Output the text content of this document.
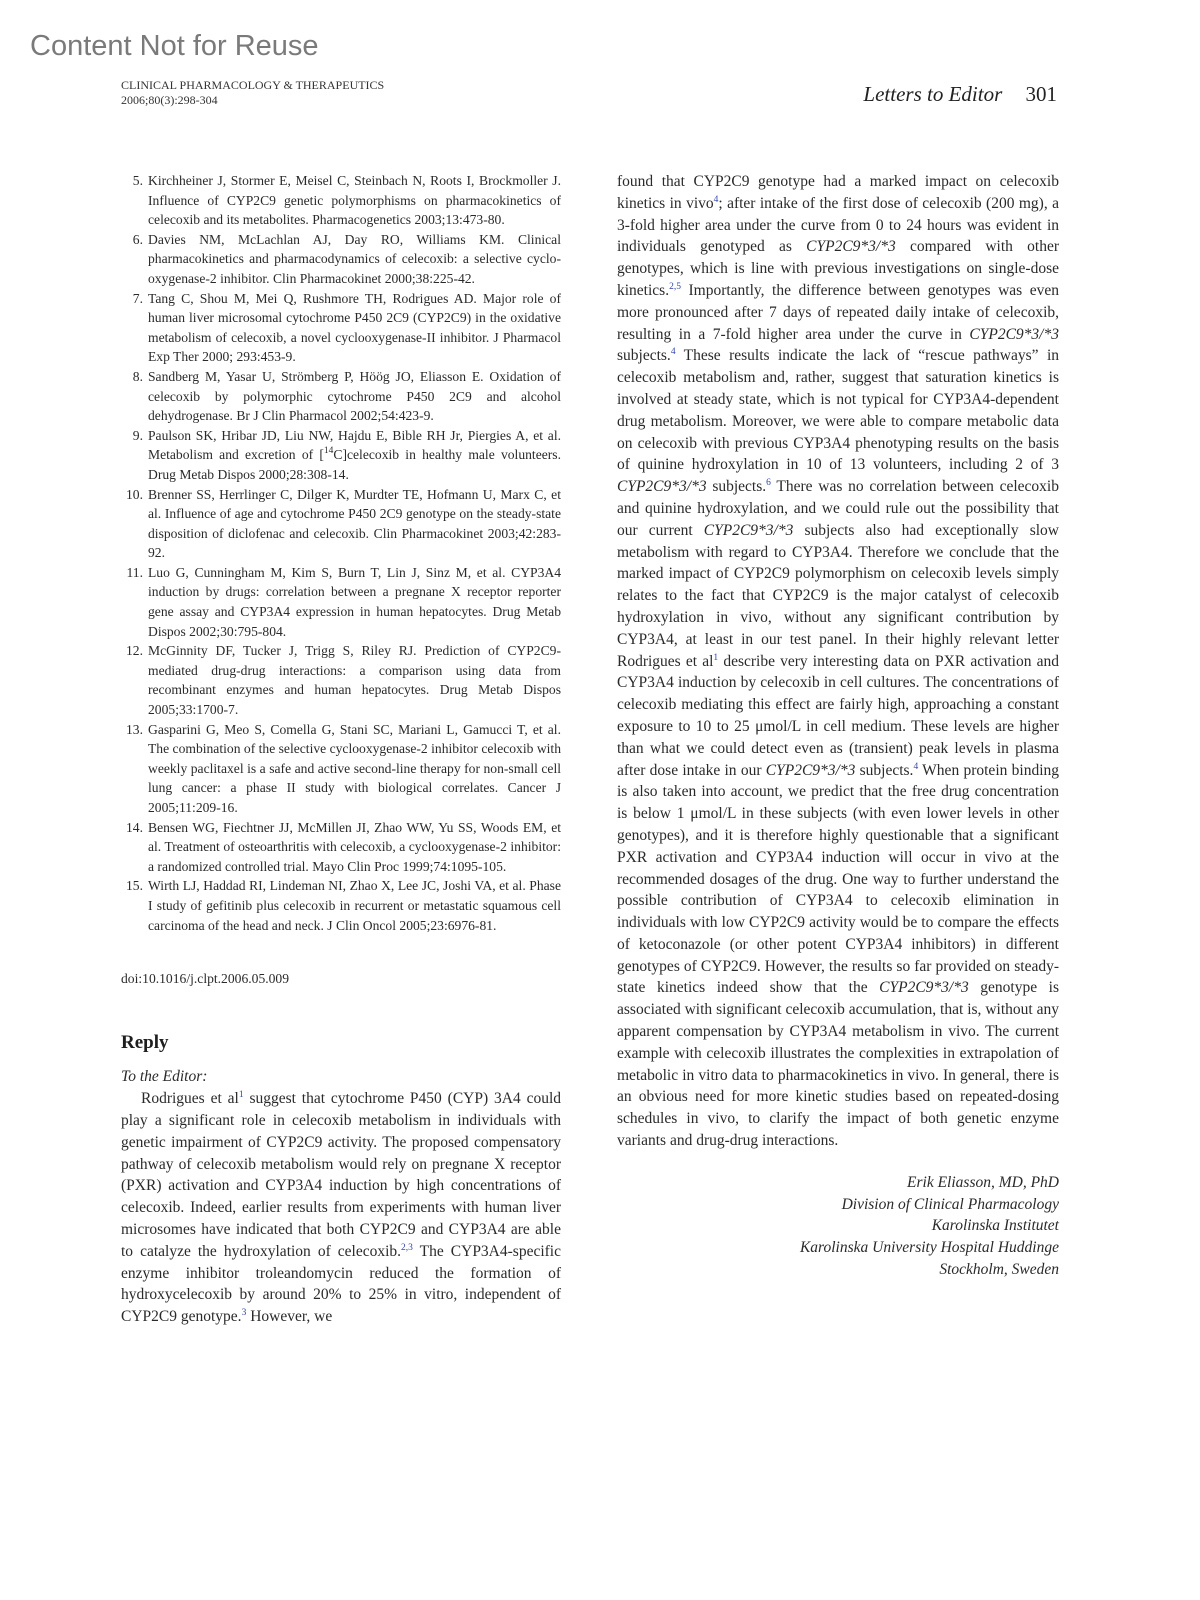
Content Not for Reuse
CLINICAL PHARMACOLOGY & THERAPEUTICS
2006;80(3):298-304	Letters to Editor 301
5. Kirchheiner J, Stormer E, Meisel C, Steinbach N, Roots I, Brockmoller J. Influence of CYP2C9 genetic polymorphisms on pharmacokinetics of celecoxib and its metabolites. Pharmacogenetics 2003;13:473-80.
6. Davies NM, McLachlan AJ, Day RO, Williams KM. Clinical pharmacokinetics and pharmacodynamics of celecoxib: a selective cyclo-oxygenase-2 inhibitor. Clin Pharmacokinet 2000;38:225-42.
7. Tang C, Shou M, Mei Q, Rushmore TH, Rodrigues AD. Major role of human liver microsomal cytochrome P450 2C9 (CYP2C9) in the oxidative metabolism of celecoxib, a novel cyclooxygenase-II inhibitor. J Pharmacol Exp Ther 2000; 293:453-9.
8. Sandberg M, Yasar U, Strömberg P, Höög JO, Eliasson E. Oxidation of celecoxib by polymorphic cytochrome P450 2C9 and alcohol dehydrogenase. Br J Clin Pharmacol 2002;54:423-9.
9. Paulson SK, Hribar JD, Liu NW, Hajdu E, Bible RH Jr, Piergies A, et al. Metabolism and excretion of [$^{14}$C]celecoxib in healthy male volunteers. Drug Metab Dispos 2000;28:308-14.
10. Brenner SS, Herrlinger C, Dilger K, Murdter TE, Hofmann U, Marx C, et al. Influence of age and cytochrome P450 2C9 genotype on the steady-state disposition of diclofenac and celecoxib. Clin Pharmacokinet 2003;42:283-92.
11. Luo G, Cunningham M, Kim S, Burn T, Lin J, Sinz M, et al. CYP3A4 induction by drugs: correlation between a pregnane X receptor reporter gene assay and CYP3A4 expression in human hepatocytes. Drug Metab Dispos 2002;30:795-804.
12. McGinnity DF, Tucker J, Trigg S, Riley RJ. Prediction of CYP2C9-mediated drug-drug interactions: a comparison using data from recombinant enzymes and human hepatocytes. Drug Metab Dispos 2005;33:1700-7.
13. Gasparini G, Meo S, Comella G, Stani SC, Mariani L, Gamucci T, et al. The combination of the selective cyclooxygenase-2 inhibitor celecoxib with weekly paclitaxel is a safe and active second-line therapy for non-small cell lung cancer: a phase II study with biological correlates. Cancer J 2005;11:209-16.
14. Bensen WG, Fiechtner JJ, McMillen JI, Zhao WW, Yu SS, Woods EM, et al. Treatment of osteoarthritis with celecoxib, a cyclooxygenase-2 inhibitor: a randomized controlled trial. Mayo Clin Proc 1999;74:1095-105.
15. Wirth LJ, Haddad RI, Lindeman NI, Zhao X, Lee JC, Joshi VA, et al. Phase I study of gefitinib plus celecoxib in recurrent or metastatic squamous cell carcinoma of the head and neck. J Clin Oncol 2005;23:6976-81.
doi:10.1016/j.clpt.2006.05.009
Reply
To the Editor:

Rodrigues et al$^1$ suggest that cytochrome P450 (CYP) 3A4 could play a significant role in celecoxib metabolism in individuals with genetic impairment of CYP2C9 activity. The proposed compensatory pathway of celecoxib metabolism would rely on pregnane X receptor (PXR) activation and CYP3A4 induction by high concentrations of celecoxib. Indeed, earlier results from experiments with human liver microsomes have indicated that both CYP2C9 and CYP3A4 are able to catalyze the hydroxylation of celecoxib.$^{2,3}$ The CYP3A4-specific enzyme inhibitor troleandomycin reduced the formation of hydroxycelecoxib by around 20% to 25% in vitro, independent of CYP2C9 genotype.$^3$ However, we

found that CYP2C9 genotype had a marked impact on celecoxib kinetics in vivo$^4$; after intake of the first dose of celecoxib (200 mg), a 3-fold higher area under the curve from 0 to 24 hours was evident in individuals genotyped as CYP2C9*3/*3 compared with other genotypes, which is line with previous investigations on single-dose kinetics.$^{2,5}$ Importantly, the difference between genotypes was even more pronounced after 7 days of repeated daily intake of celecoxib, resulting in a 7-fold higher area under the curve in CYP2C9*3/*3 subjects.$^4$ These results indicate the lack of “rescue pathways” in celecoxib metabolism and, rather, suggest that saturation kinetics is involved at steady state, which is not typical for CYP3A4-dependent drug metabolism. Moreover, we were able to compare metabolic data on celecoxib with previous CYP3A4 phenotyping results on the basis of quinine hydroxylation in 10 of 13 volunteers, including 2 of 3 CYP2C9*3/*3 subjects.$^6$ There was no correlation between celecoxib and quinine hydroxylation, and we could rule out the possibility that our current CYP2C9*3/*3 subjects also had exceptionally slow metabolism with regard to CYP3A4. Therefore we conclude that the marked impact of CYP2C9 polymorphism on celecoxib levels simply relates to the fact that CYP2C9 is the major catalyst of celecoxib hydroxylation in vivo, without any significant contribution by CYP3A4, at least in our test panel. In their highly relevant letter Rodrigues et al$^1$ describe very interesting data on PXR activation and CYP3A4 induction by celecoxib in cell cultures. The concentrations of celecoxib mediating this effect are fairly high, approaching a constant exposure to 10 to 25 μmol/L in cell medium. These levels are higher than what we could detect even as (transient) peak levels in plasma after dose intake in our CYP2C9*3/*3 subjects.$^4$ When protein binding is also taken into account, we predict that the free drug concentration is below 1 μmol/L in these subjects (with even lower levels in other genotypes), and it is therefore highly questionable that a significant PXR activation and CYP3A4 induction will occur in vivo at the recommended dosages of the drug. One way to further understand the possible contribution of CYP3A4 to celecoxib elimination in individuals with low CYP2C9 activity would be to compare the effects of ketoconazole (or other potent CYP3A4 inhibitors) in different genotypes of CYP2C9. However, the results so far provided on steady-state kinetics indeed show that the CYP2C9*3/*3 genotype is associated with significant celecoxib accumulation, that is, without any apparent compensation by CYP3A4 metabolism in vivo. The current example with celecoxib illustrates the complexities in extrapolation of metabolic in vitro data to pharmacokinetics in vivo. In general, there is an obvious need for more kinetic studies based on repeated-dosing schedules in vivo, to clarify the impact of both genetic enzyme variants and drug-drug interactions.

Erik Eliasson, MD, PhD
Division of Clinical Pharmacology
Karolinska Institutet
Karolinska University Hospital Huddinge
Stockholm, Sweden
